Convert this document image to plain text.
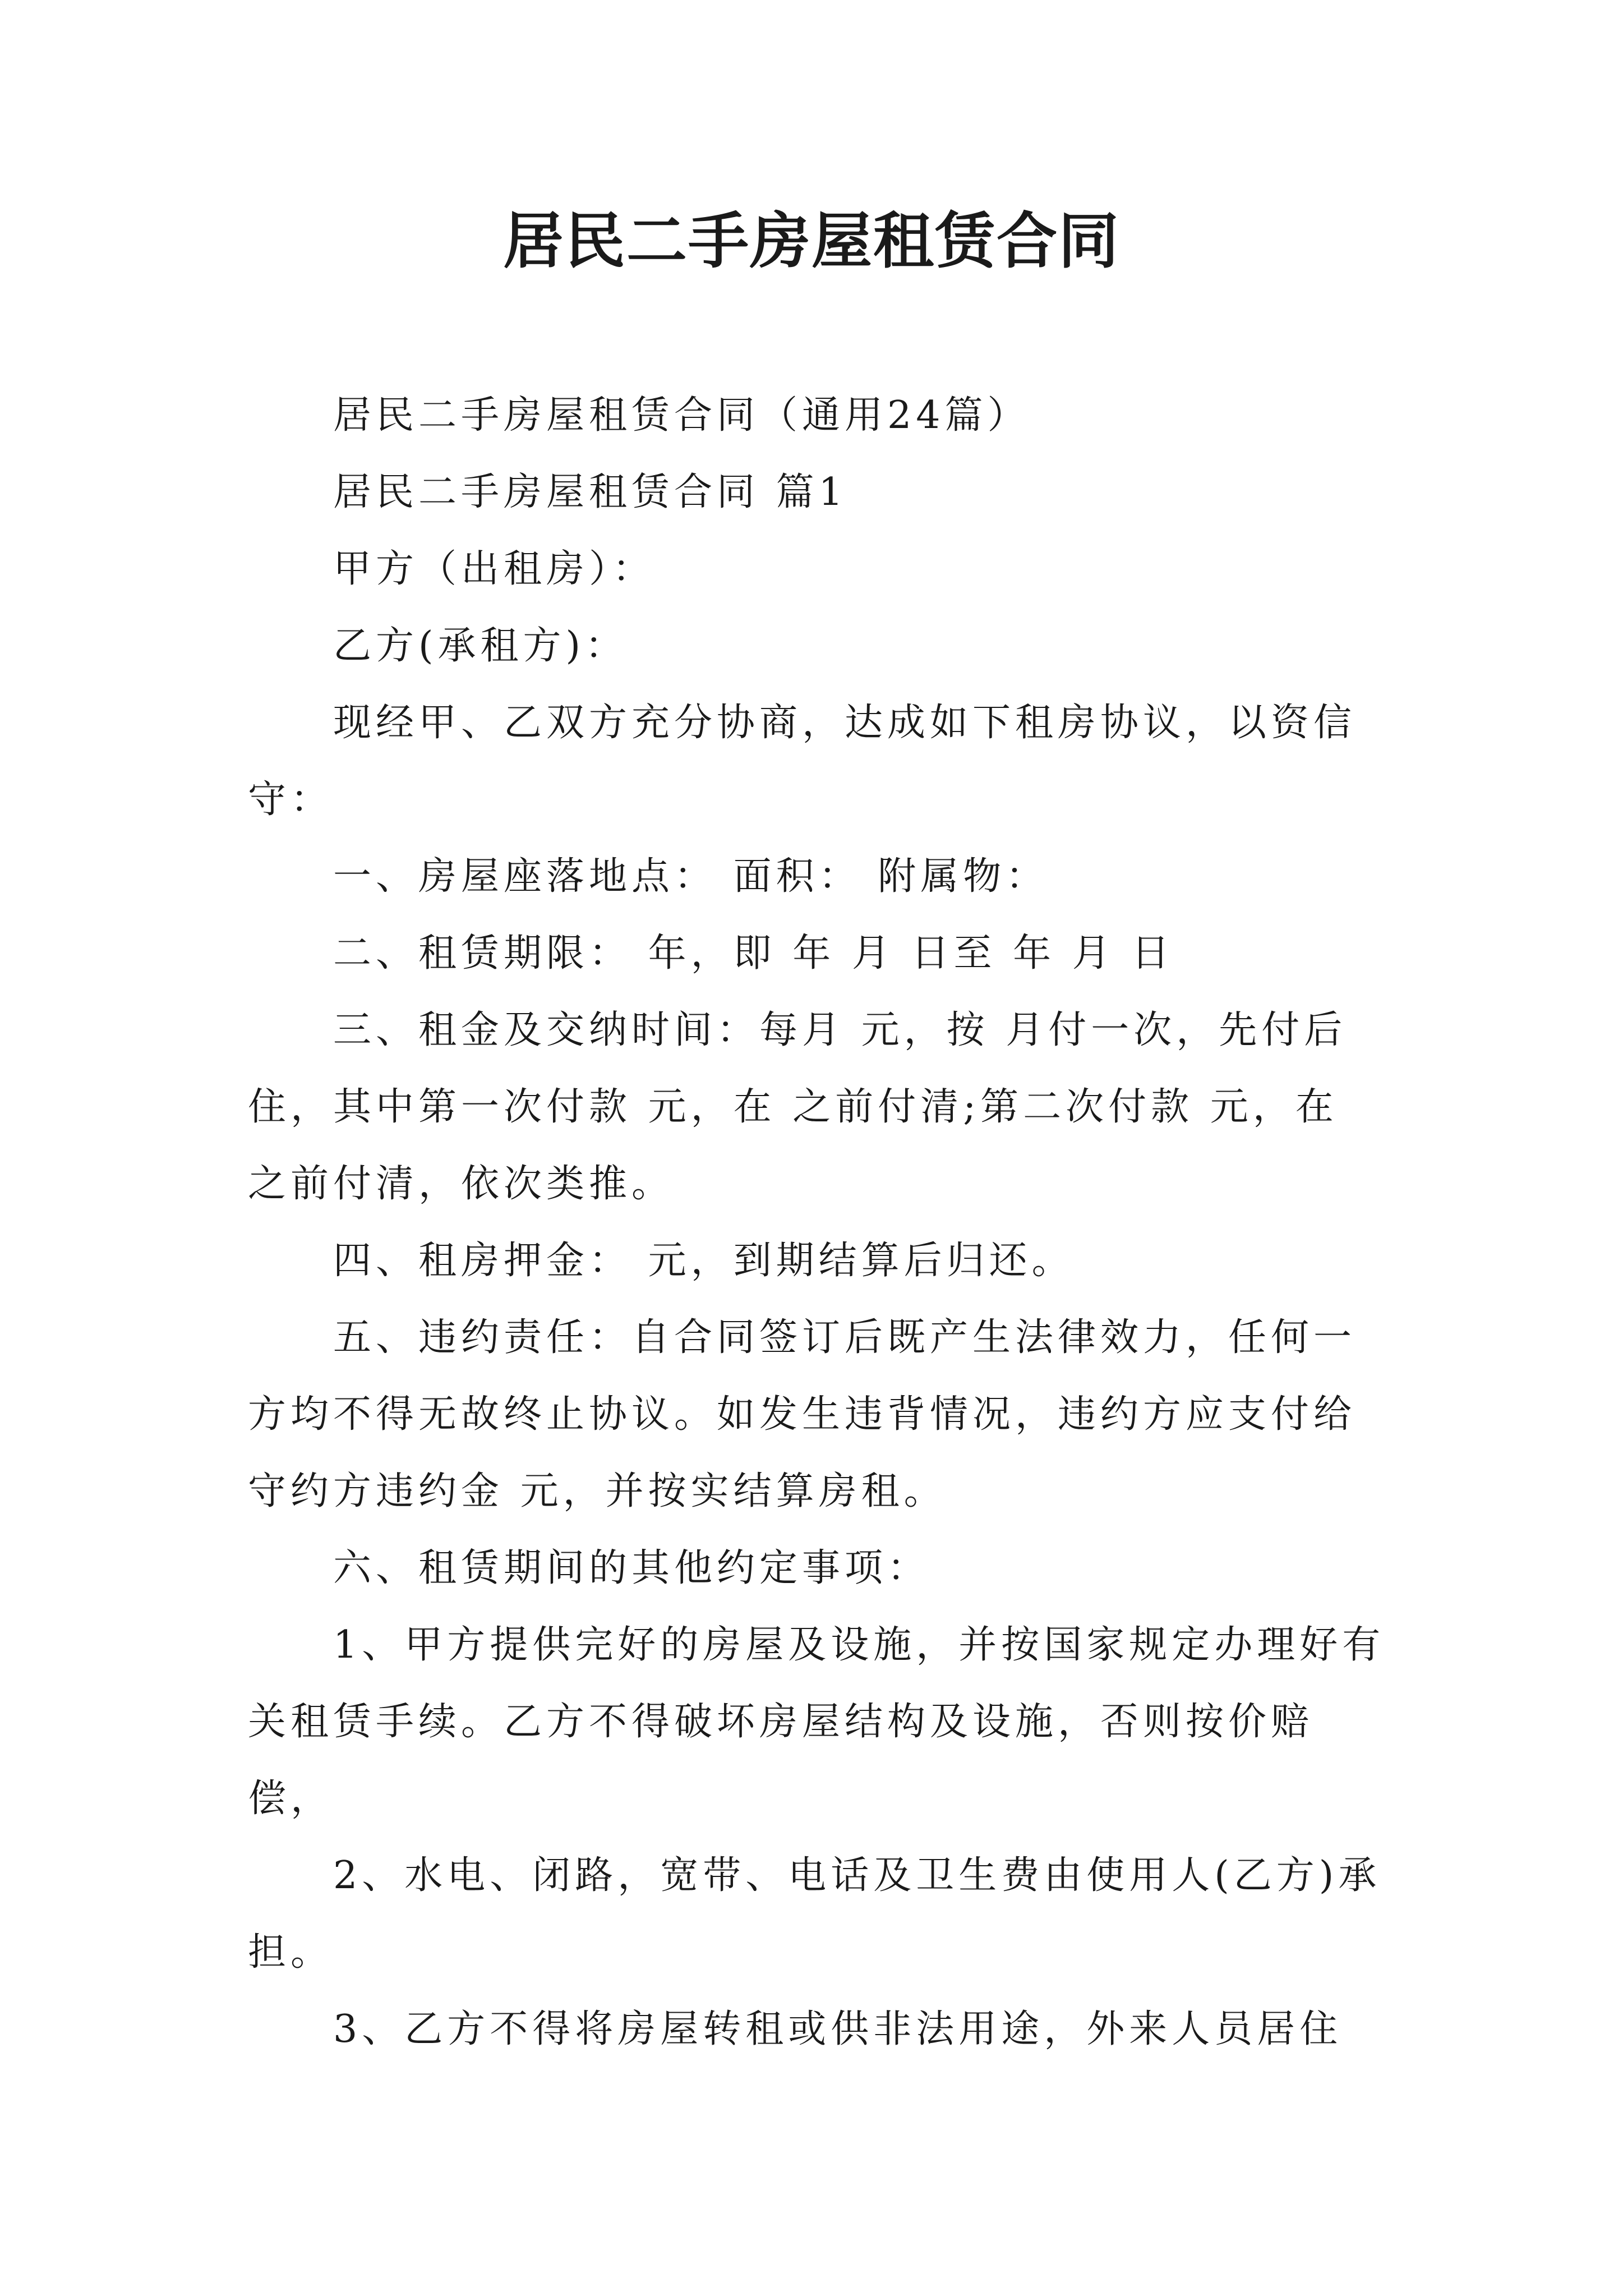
居民二手房屋租赁合同

居民二手房屋租赁合同（通用24篇）

居民二手房屋租赁合同 篇1

甲方（出租房）：

乙方(承租方)：

现经甲、乙双方充分协商，达成如下租房协议，以资信守：

一、房屋座落地点： 面积： 附属物：

二、租赁期限： 年，即 年 月 日至 年 月 日

三、租金及交纳时间：每月 元，按 月付一次，先付后住，其中第一次付款 元，在 之前付清;第二次付款 元，在 之前付清，依次类推。

四、租房押金： 元，到期结算后归还。

五、违约责任：自合同签订后既产生法律效力，任何一方均不得无故终止协议。如发生违背情况，违约方应支付给守约方违约金 元，并按实结算房租。

六、租赁期间的其他约定事项：

1、甲方提供完好的房屋及设施，并按国家规定办理好有关租赁手续。乙方不得破坏房屋结构及设施，否则按价赔偿，

2、水电、闭路，宽带、电话及卫生费由使用人(乙方)承担。

3、乙方不得将房屋转租或供非法用途，外来人员居住
